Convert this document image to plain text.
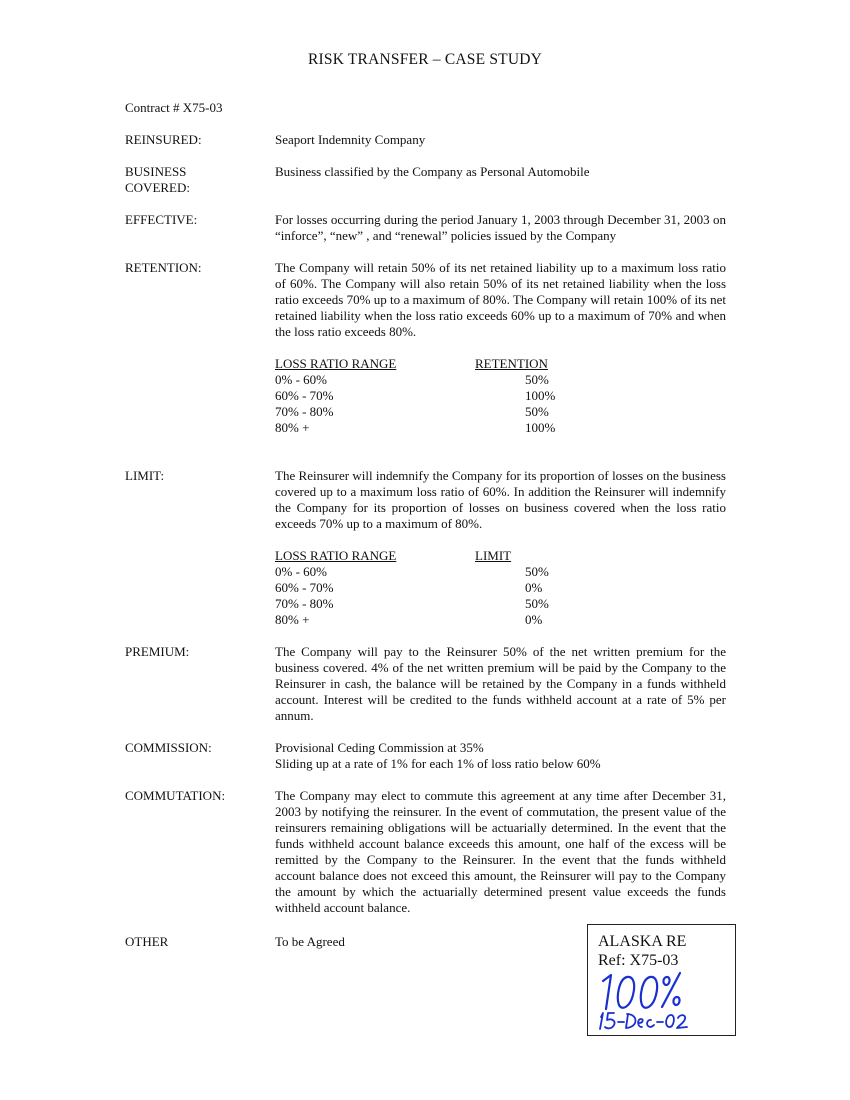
RISK TRANSFER – CASE STUDY
Contract # X75-03
REINSURED:	Seaport Indemnity Company
BUSINESS
COVERED:
Business classified by the Company as Personal Automobile
EFFECTIVE:	For losses occurring during the period January 1, 2003 through December 31, 2003 on “inforce”, “new” , and “renewal” policies issued by the Company
RETENTION:	The Company will retain 50% of its net retained liability up to a maximum loss ratio of 60%. The Company will also retain 50% of its net retained liability when the loss ratio exceeds 70% up to a maximum of 80%. The Company will retain 100% of its net retained liability when the loss ratio exceeds 60% up to a maximum of 70% and when the loss ratio exceeds 80%.
LOSS RATIO RANGE	RETENTION
0% - 60%	50%
60% - 70%	100%
70% - 80%	50%
80% +	100%
LIMIT:	The Reinsurer will indemnify the Company for its proportion of losses on the business covered up to a maximum loss ratio of 60%. In addition the Reinsurer will indemnify the Company for its proportion of losses on business covered when the loss ratio exceeds 70% up to a maximum of 80%.
LOSS RATIO RANGE	LIMIT
0% - 60%	50%
60% - 70%	0%
70% - 80%	50%
80% +	0%
PREMIUM:	The Company will pay to the Reinsurer 50% of the net written premium for the business covered. 4% of the net written premium will be paid by the Company to the Reinsurer in cash, the balance will be retained by the Company in a funds withheld account. Interest will be credited to the funds withheld account at a rate of 5% per annum.
COMMISSION:	Provisional Ceding Commission at 35%
Sliding up at a rate of 1% for each 1% of loss ratio below 60%
COMMUTATION:	The Company may elect to commute this agreement at any time after December 31, 2003 by notifying the reinsurer. In the event of commutation, the present value of the reinsurers remaining obligations will be actuarially determined. In the event that the funds withheld account balance exceeds this amount, one half of the excess will be remitted by the Company to the Reinsurer. In the event that the funds withheld account balance does not exceed this amount, the Reinsurer will pay to the Company the amount by which the actuarially determined present value exceeds the funds withheld account balance.
OTHER	To be Agreed	ALASKA RE
Ref: X75-03
